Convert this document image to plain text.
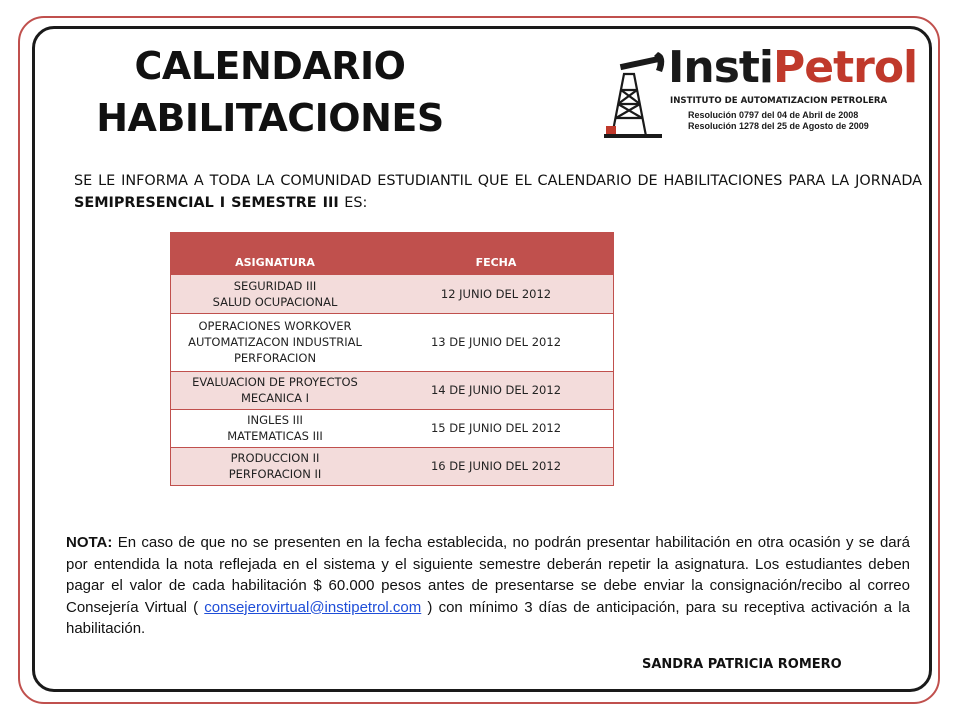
CALENDARIO
HABILITACIONES
InstiPetrol
INSTITUTO DE AUTOMATIZACION PETROLERA
Resolución 0797 del 04 de Abril de 2008
Resolución 1278 del 25 de Agosto de 2009
SE LE INFORMA A TODA LA COMUNIDAD ESTUDIANTIL QUE EL CALENDARIO DE HABILITACIONES PARA LA JORNADA SEMIPRESENCIAL I SEMESTRE III ES:
ASIGNATURA	FECHA

SEGURIDAD III
SALUD OCUPACIONAL	12 JUNIO DEL 2012

OPERACIONES WORKOVER
AUTOMATIZACON INDUSTRIAL
PERFORACION	13 DE JUNIO DEL 2012

EVALUACION DE PROYECTOS
MECANICA I	14 DE JUNIO DEL 2012

INGLES III
MATEMATICAS III	15 DE JUNIO DEL 2012

PRODUCCION II
PERFORACION II	16 DE JUNIO DEL 2012
NOTA: En caso de que no se presenten en la fecha establecida, no podrán presentar habilitación en otra ocasión y se dará por entendida la nota reflejada en el sistema y el siguiente semestre deberán repetir la asignatura. Los estudiantes deben pagar el valor de cada habilitación $ 60.000 pesos antes de presentarse se debe enviar la consignación/recibo al correo Consejería Virtual ( consejerovirtual@instipetrol.com ) con mínimo 3 días de anticipación, para su receptiva activación a la habilitación.
SANDRA PATRICIA ROMERO
